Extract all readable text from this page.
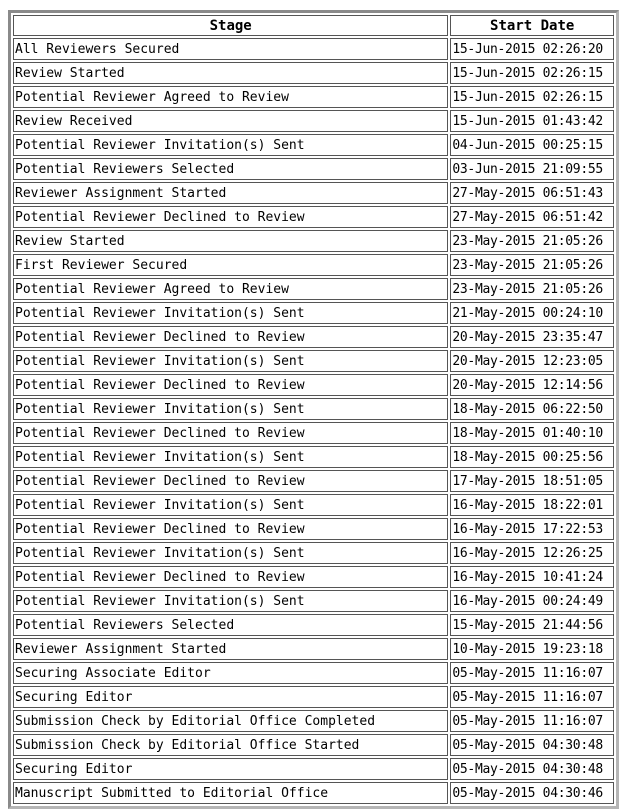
Stage	Start Date
All Reviewers Secured	15-Jun-2015 02:26:20
Review Started	15-Jun-2015 02:26:15
Potential Reviewer Agreed to Review	15-Jun-2015 02:26:15
Review Received	15-Jun-2015 01:43:42
Potential Reviewer Invitation(s) Sent	04-Jun-2015 00:25:15
Potential Reviewers Selected	03-Jun-2015 21:09:55
Reviewer Assignment Started	27-May-2015 06:51:43
Potential Reviewer Declined to Review	27-May-2015 06:51:42
Review Started	23-May-2015 21:05:26
First Reviewer Secured	23-May-2015 21:05:26
Potential Reviewer Agreed to Review	23-May-2015 21:05:26
Potential Reviewer Invitation(s) Sent	21-May-2015 00:24:10
Potential Reviewer Declined to Review	20-May-2015 23:35:47
Potential Reviewer Invitation(s) Sent	20-May-2015 12:23:05
Potential Reviewer Declined to Review	20-May-2015 12:14:56
Potential Reviewer Invitation(s) Sent	18-May-2015 06:22:50
Potential Reviewer Declined to Review	18-May-2015 01:40:10
Potential Reviewer Invitation(s) Sent	18-May-2015 00:25:56
Potential Reviewer Declined to Review	17-May-2015 18:51:05
Potential Reviewer Invitation(s) Sent	16-May-2015 18:22:01
Potential Reviewer Declined to Review	16-May-2015 17:22:53
Potential Reviewer Invitation(s) Sent	16-May-2015 12:26:25
Potential Reviewer Declined to Review	16-May-2015 10:41:24
Potential Reviewer Invitation(s) Sent	16-May-2015 00:24:49
Potential Reviewers Selected	15-May-2015 21:44:56
Reviewer Assignment Started	10-May-2015 19:23:18
Securing Associate Editor	05-May-2015 11:16:07
Securing Editor	05-May-2015 11:16:07
Submission Check by Editorial Office Completed	05-May-2015 11:16:07
Submission Check by Editorial Office Started	05-May-2015 04:30:48
Securing Editor	05-May-2015 04:30:48
Manuscript Submitted to Editorial Office	05-May-2015 04:30:46
